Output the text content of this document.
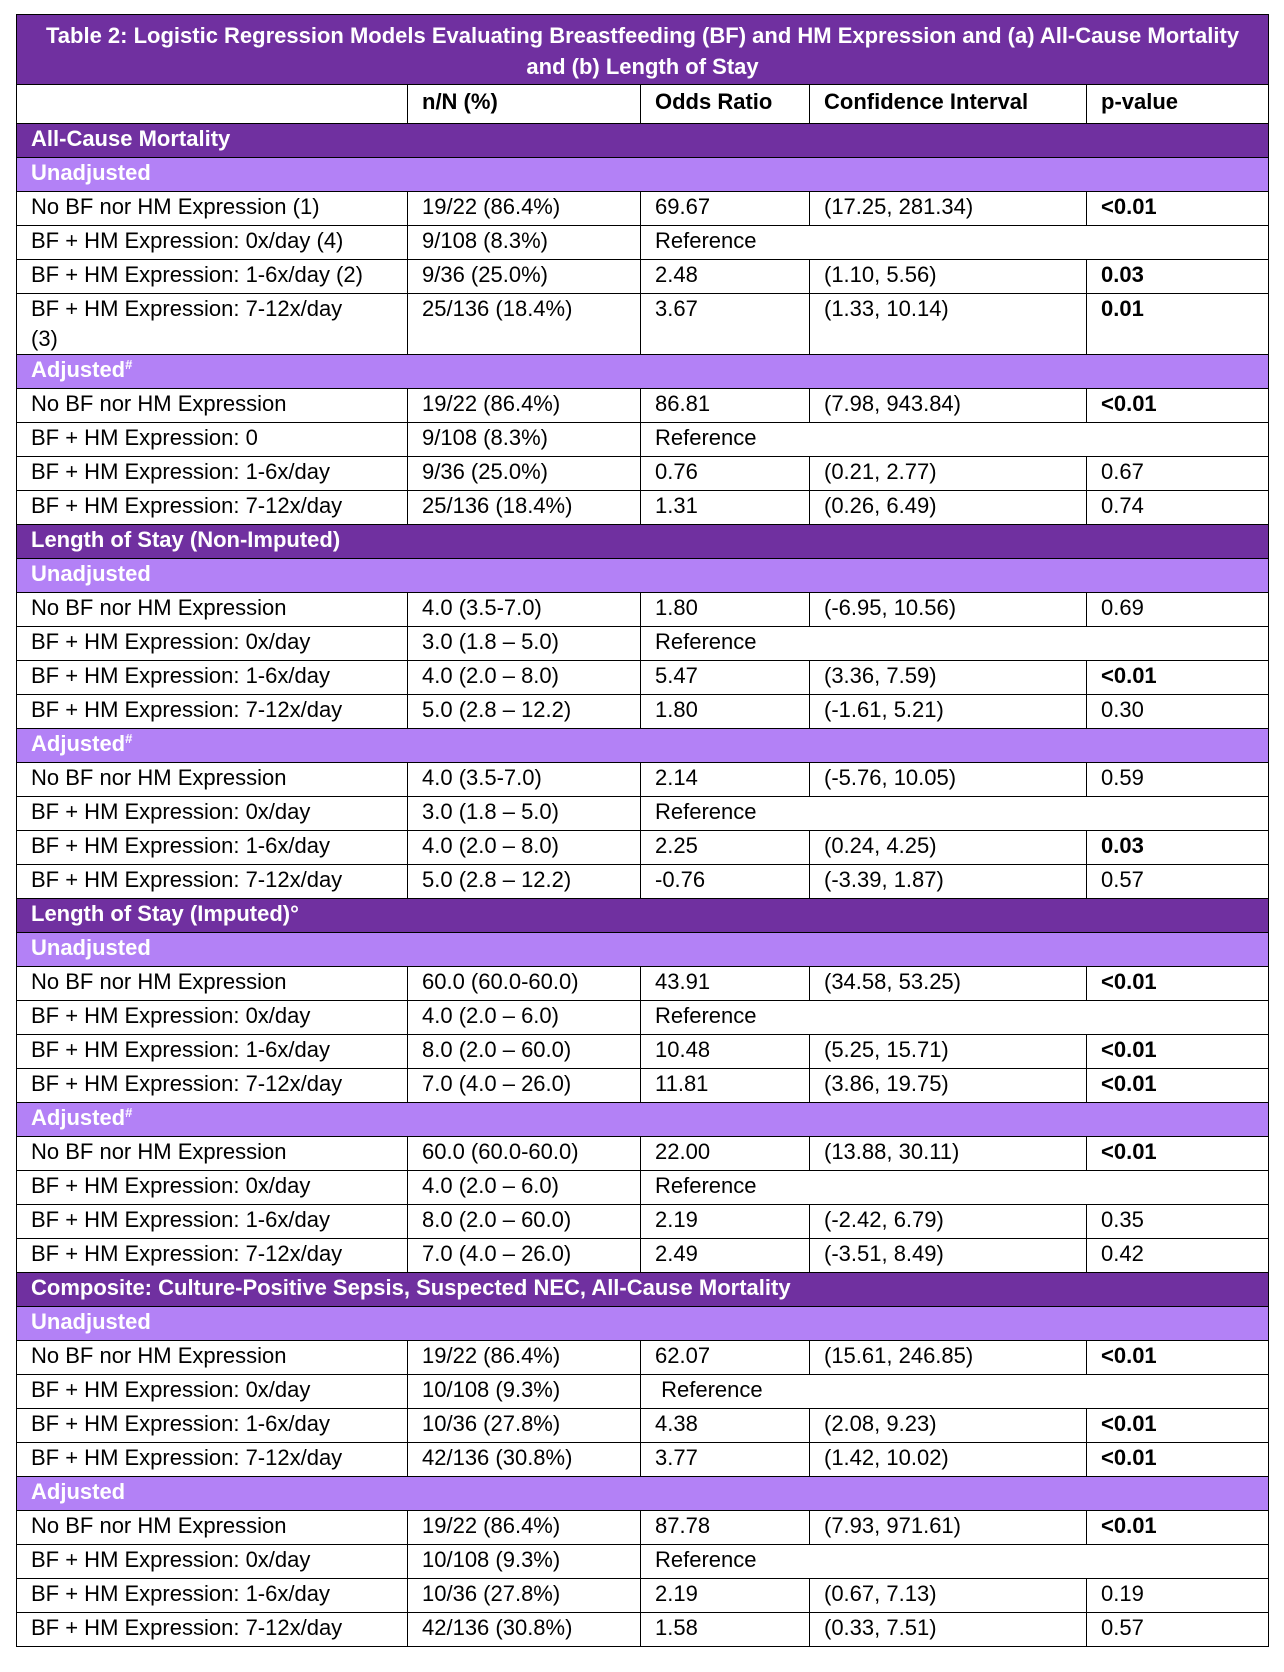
Table 2: Logistic Regression Models Evaluating Breastfeeding (BF) and HM Expression and (a) All-Cause Mortality and (b) Length of Stay				
	n/N (%)	Odds Ratio	Confidence Interval	p-value
All-Cause Mortality				
Unadjusted				
No BF nor HM Expression (1)	19/22 (86.4%)	69.67	(17.25, 281.34)	<0.01
BF + HM Expression: 0x/day (4)	9/108 (8.3%)	Reference		
BF + HM Expression: 1-6x/day (2)	9/36 (25.0%)	2.48	(1.10, 5.56)	0.03
BF + HM Expression: 7-12x/day (3)	25/136 (18.4%)	3.67	(1.33, 10.14)	0.01
Adjusted#
No BF nor HM Expression	19/22 (86.4%)	86.81	(7.98, 943.84)	<0.01
BF + HM Expression: 0	9/108 (8.3%)	Reference		
BF + HM Expression: 1-6x/day	9/36 (25.0%)	0.76	(0.21, 2.77)	0.67
BF + HM Expression: 7-12x/day	25/136 (18.4%)	1.31	(0.26, 6.49)	0.74
Length of Stay (Non-Imputed)				
Unadjusted				
No BF nor HM Expression	4.0 (3.5-7.0)	1.80	(-6.95, 10.56)	0.69
BF + HM Expression: 0x/day	3.0 (1.8 – 5.0)	Reference		
BF + HM Expression: 1-6x/day	4.0 (2.0 – 8.0)	5.47	(3.36, 7.59)	<0.01
BF + HM Expression: 7-12x/day	5.0 (2.8 – 12.2)	1.80	(-1.61, 5.21)	0.30
Adjusted#
No BF nor HM Expression	4.0 (3.5-7.0)	2.14	(-5.76, 10.05)	0.59
BF + HM Expression: 0x/day	3.0 (1.8 – 5.0)	Reference		
BF + HM Expression: 1-6x/day	4.0 (2.0 – 8.0)	2.25	(0.24, 4.25)	0.03
BF + HM Expression: 7-12x/day	5.0 (2.8 – 12.2)	-0.76	(-3.39, 1.87)	0.57
Length of Stay (Imputed)°				
Unadjusted				
No BF nor HM Expression	60.0 (60.0-60.0)	43.91	(34.58, 53.25)	<0.01
BF + HM Expression: 0x/day	4.0 (2.0 – 6.0)	Reference		
BF + HM Expression: 1-6x/day	8.0 (2.0 – 60.0)	10.48	(5.25, 15.71)	<0.01
BF + HM Expression: 7-12x/day	7.0 (4.0 – 26.0)	11.81	(3.86, 19.75)	<0.01
Adjusted#
No BF nor HM Expression	60.0 (60.0-60.0)	22.00	(13.88, 30.11)	<0.01
BF + HM Expression: 0x/day	4.0 (2.0 – 6.0)	Reference		
BF + HM Expression: 1-6x/day	8.0 (2.0 – 60.0)	2.19	(-2.42, 6.79)	0.35
BF + HM Expression: 7-12x/day	7.0 (4.0 – 26.0)	2.49	(-3.51, 8.49)	0.42
Composite: Culture-Positive Sepsis, Suspected NEC, All-Cause Mortality				
Unadjusted				
No BF nor HM Expression	19/22 (86.4%)	62.07	(15.61, 246.85)	<0.01
BF + HM Expression: 0x/day	10/108 (9.3%)	Reference		
BF + HM Expression: 1-6x/day	10/36 (27.8%)	4.38	(2.08, 9.23)	<0.01
BF + HM Expression: 7-12x/day	42/136 (30.8%)	3.77	(1.42, 10.02)	<0.01
Adjusted				
No BF nor HM Expression	19/22 (86.4%)	87.78	(7.93, 971.61)	<0.01
BF + HM Expression: 0x/day	10/108 (9.3%)	Reference		
BF + HM Expression: 1-6x/day	10/36 (27.8%)	2.19	(0.67, 7.13)	0.19
BF + HM Expression: 7-12x/day	42/136 (30.8%)	1.58	(0.33, 7.51)	0.57
